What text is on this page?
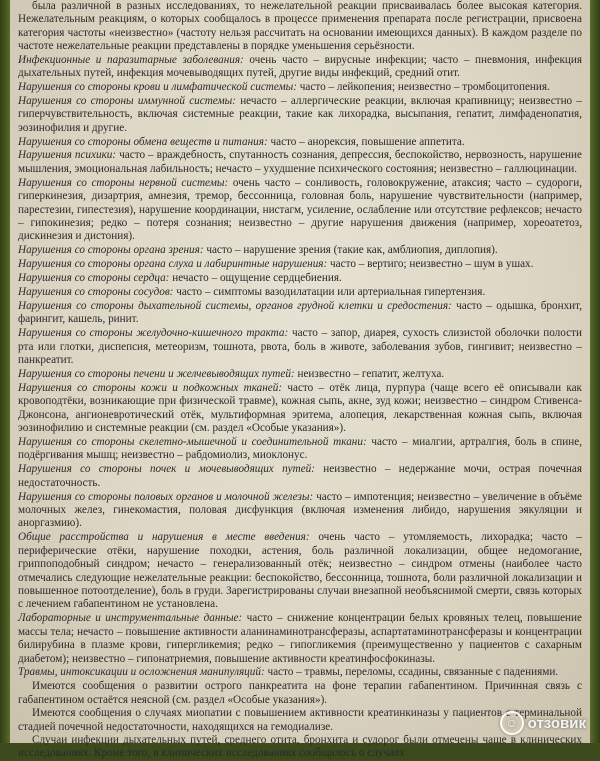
была различной в разных исследованиях, то нежелательной реакции присваивалась более высокая категория. Нежелательным реакциям, о которых сообщалось в процессе применения препарата после регистрации, присвоена категория частоты «неизвестно» (частоту нельзя рассчитать на основании имеющихся данных). В каждом разделе по частоте нежелательные реакции представлены в порядке уменьшения серьёзности.

Инфекционные и паразитарные заболевания: очень часто – вирусные инфекции; часто – пневмония, инфекция дыхательных путей, инфекция мочевыводящих путей, другие виды инфекций, средний отит.

Нарушения со стороны крови и лимфатической системы: часто – лейкопения; неизвестно – тромбоцитопения.

Нарушения со стороны иммунной системы: нечасто – аллергические реакции, включая крапивницу; неизвестно – гиперчувствительность, включая системные реакции, такие как лихорадка, высыпания, гепатит, лимфаденопатия, эозинофилия и другие.

Нарушения со стороны обмена веществ и питания: часто – анорексия, повышение аппетита.

Нарушения психики: часто – враждебность, спутанность сознания, депрессия, беспокойство, нервозность, нарушение мышления, эмоциональная лабильность; нечасто – ухудшение психического состояния; неизвестно – галлюцинации.

Нарушения со стороны нервной системы: очень часто – сонливость, головокружение, атаксия; часто – судороги, гиперкинезия, дизартрия, амнезия, тремор, бессонница, головная боль, нарушение чувствительности (например, парестезии, гипестезия), нарушение координации, нистагм, усиление, ослабление или отсутствие рефлексов; нечасто – гипокинезия; редко – потеря сознания; неизвестно – другие нарушения движения (например, хореоатетоз, дискинезия и дистония).

Нарушения со стороны органа зрения: часто – нарушение зрения (такие как, амблиопия, диплопия).

Нарушения со стороны органа слуха и лабиринтные нарушения: часто – вертиго; неизвестно – шум в ушах.

Нарушения со стороны сердца: нечасто – ощущение сердцебиения.

Нарушения со стороны сосудов: часто – симптомы вазодилатации или артериальная гипертензия.

Нарушения со стороны дыхательной системы, органов грудной клетки и средостения: часто – одышка, бронхит, фарингит, кашель, ринит.

Нарушения со стороны желудочно-кишечного тракта: часто – запор, диарея, сухость слизистой оболочки полости рта или глотки, диспепсия, метеоризм, тошнота, рвота, боль в животе, заболевания зубов, гингивит; неизвестно – панкреатит.

Нарушения со стороны печени и желчевыводящих путей: неизвестно – гепатит, желтуха.

Нарушения со стороны кожи и подкожных тканей: часто – отёк лица, пурпура (чаще всего её описывали как кровоподтёки, возникающие при физической травме), кожная сыпь, акне, зуд кожи; неизвестно – синдром Стивенса-Джонсона, ангионевротический отёк, мультиформная эритема, алопеция, лекарственная кожная сыпь, включая эозинофилию и системные реакции (см. раздел «Особые указания»).

Нарушения со стороны скелетно-мышечной и соединительной ткани: часто – миалгии, артралгия, боль в спине, подёргивания мышц; неизвестно – рабдомиолиз, миоклонус.

Нарушения со стороны почек и мочевыводящих путей: неизвестно – недержание мочи, острая почечная недостаточность.

Нарушения со стороны половых органов и молочной железы: часто – импотенция; неизвестно – увеличение в объёме молочных желез, гинекомастия, половая дисфункция (включая изменения либидо, нарушения эякуляции и аноргазмию).

Общие расстройства и нарушения в месте введения: очень часто – утомляемость, лихорадка; часто – периферические отёки, нарушение походки, астения, боль различной локализации, общее недомогание, гриппоподобный синдром; нечасто – генерализованный отёк; неизвестно – синдром отмены (наиболее часто отмечались следующие нежелательные реакции: беспокойство, бессонница, тошнота, боли различной локализации и повышенное потоотделение), боль в груди. Зарегистрированы случаи внезапной необъяснимой смерти, связь которых с лечением габапентином не установлена.

Лабораторные и инструментальные данные: часто – снижение концентрации белых кровяных телец, повышение массы тела; нечасто – повышение активности аланинаминотрансферазы, аспартатаминотрансферазы и концентрации билирубина в плазме крови, гипергликемия; редко – гипогликемия (преимущественно у пациентов с сахарным диабетом); неизвестно – гипонатриемия, повышение активности креатинфосфокиназы.

Травмы, интоксикации и осложнения манипуляций: часто – травмы, переломы, ссадины, связанные с падениями.

Имеются сообщения о развитии острого панкреатита на фоне терапии габапентином. Причинная связь с габапентином остаётся неясной (см. раздел «Особые указания»).

Имеются сообщения о случаях миопатии с повышением активности креатинкиназы у пациентов с терминальной стадией почечной недостаточности, находящихся на гемодиализе.

Случаи инфекции дыхательных путей, среднего отита, бронхита и судорог были отмечены чаще в клинических исследованиях. Кроме того, в клинических исследованиях сообщалось о случаях

☺ отзовик
